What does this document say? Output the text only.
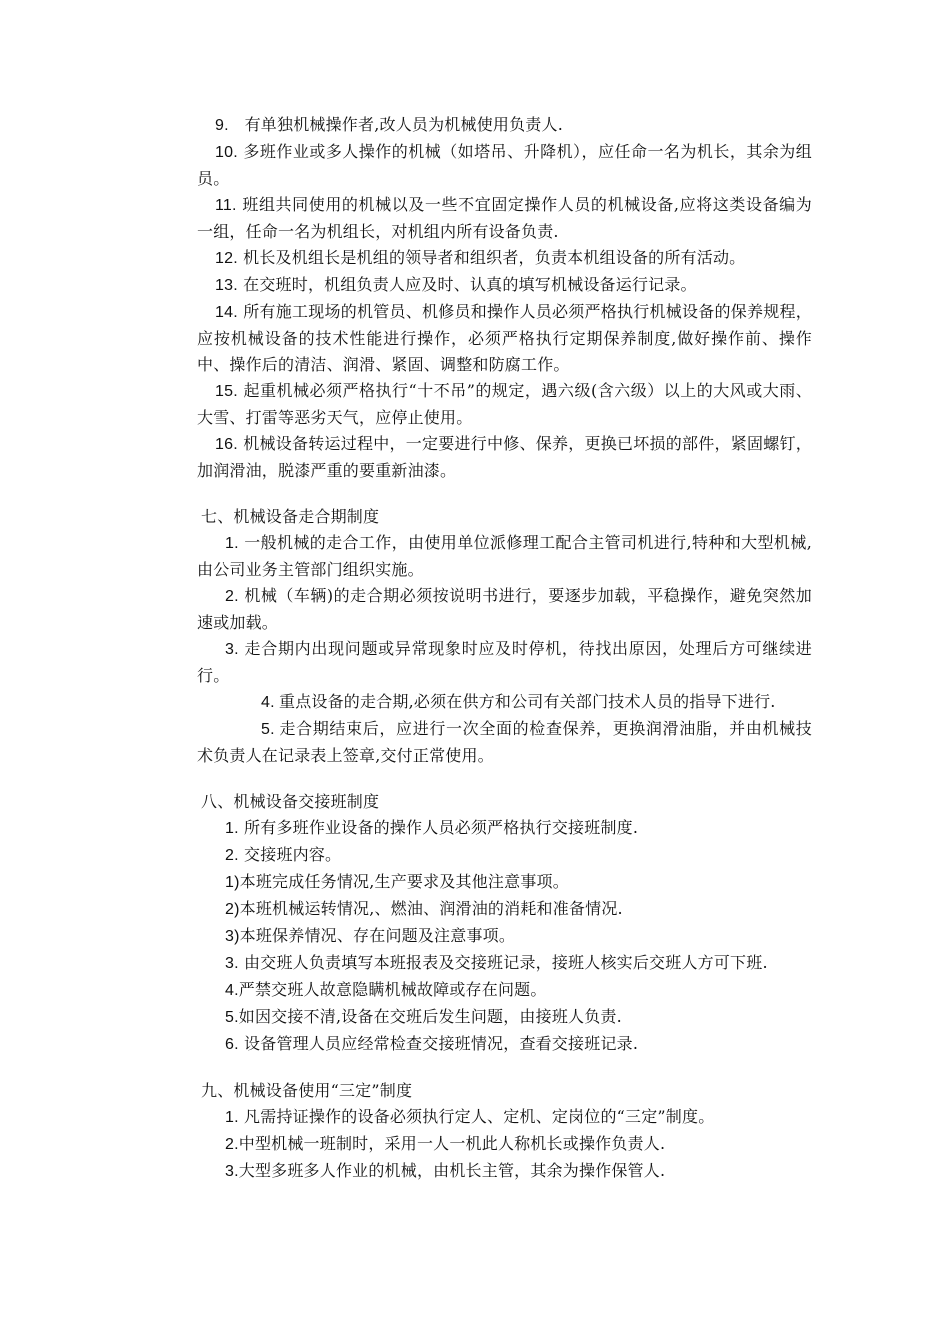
9. 有单独机械操作者,改人员为机械使用负责人.

10. 多班作业或多人操作的机械（如塔吊、升降机），应任命一名为机长，其余为组员。

11. 班组共同使用的机械以及一些不宜固定操作人员的机械设备,应将这类设备编为一组，任命一名为机组长，对机组内所有设备负责.

12. 机长及机组长是机组的领导者和组织者，负责本机组设备的所有活动。

13. 在交班时，机组负责人应及时、认真的填写机械设备运行记录。

14. 所有施工现场的机管员、机修员和操作人员必须严格执行机械设备的保养规程，应按机械设备的技术性能进行操作，必须严格执行定期保养制度,做好操作前、操作中、操作后的清洁、润滑、紧固、调整和防腐工作。

15. 起重机械必须严格执行“十不吊”的规定，遇六级(含六级）以上的大风或大雨、大雪、打雷等恶劣天气，应停止使用。

16. 机械设备转运过程中，一定要进行中修、保养，更换已坏损的部件，紧固螺钉，加润滑油，脱漆严重的要重新油漆。

七、机械设备走合期制度

1. 一般机械的走合工作，由使用单位派修理工配合主管司机进行,特种和大型机械,由公司业务主管部门组织实施。

2. 机械（车辆)的走合期必须按说明书进行，要逐步加载，平稳操作，避免突然加速或加载。

3. 走合期内出现问题或异常现象时应及时停机，待找出原因，处理后方可继续进行。

4. 重点设备的走合期,必须在供方和公司有关部门技术人员的指导下进行.

5. 走合期结束后，应进行一次全面的检查保养，更换润滑油脂，并由机械技术负责人在记录表上签章,交付正常使用。

八、机械设备交接班制度

1. 所有多班作业设备的操作人员必须严格执行交接班制度.

2. 交接班内容。

1)本班完成任务情况,生产要求及其他注意事项。

2)本班机械运转情况,、燃油、润滑油的消耗和准备情况.

3)本班保养情况、存在问题及注意事项。

3. 由交班人负责填写本班报表及交接班记录，接班人核实后交班人方可下班.

4.严禁交班人故意隐瞒机械故障或存在问题。

5.如因交接不清,设备在交班后发生问题，由接班人负责.

6. 设备管理人员应经常检查交接班情况，查看交接班记录.

九、机械设备使用“三定”制度

1. 凡需持证操作的设备必须执行定人、定机、定岗位的“三定”制度。

2.中型机械一班制时，采用一人一机此人称机长或操作负责人.

3.大型多班多人作业的机械，由机长主管，其余为操作保管人.
